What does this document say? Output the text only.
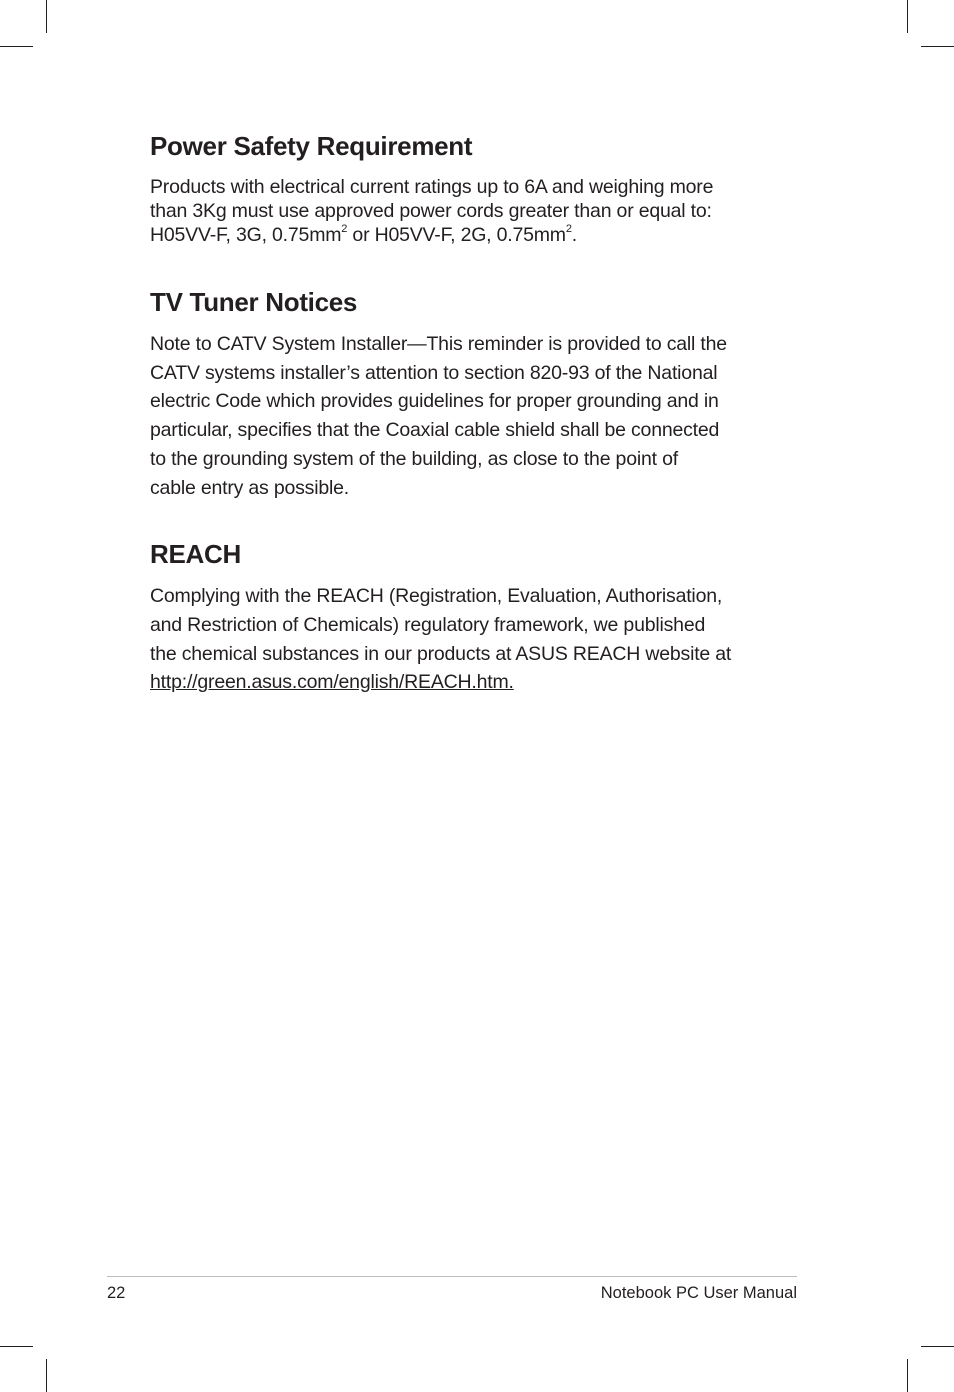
Power Safety Requirement

Products with electrical current ratings up to 6A and weighing more
than 3Kg must use approved power cords greater than or equal to:
H05VV-F, 3G, $0.75mm^2$ or H05VV-F, 2G, $0.75mm^2$.

TV Tuner Notices

Note to CATV System Installer—This reminder is provided to call the
CATV systems installer’s attention to section 820-93 of the National
electric Code which provides guidelines for proper grounding and in
particular, specifies that the Coaxial cable shield shall be connected
to the grounding system of the building, as close to the point of
cable entry as possible.

REACH

Complying with the REACH (Registration, Evaluation, Authorisation,
and Restriction of Chemicals) regulatory framework, we published
the chemical substances in our products at ASUS REACH website at
http://green.asus.com/english/REACH.htm.

22	Notebook PC User Manual
